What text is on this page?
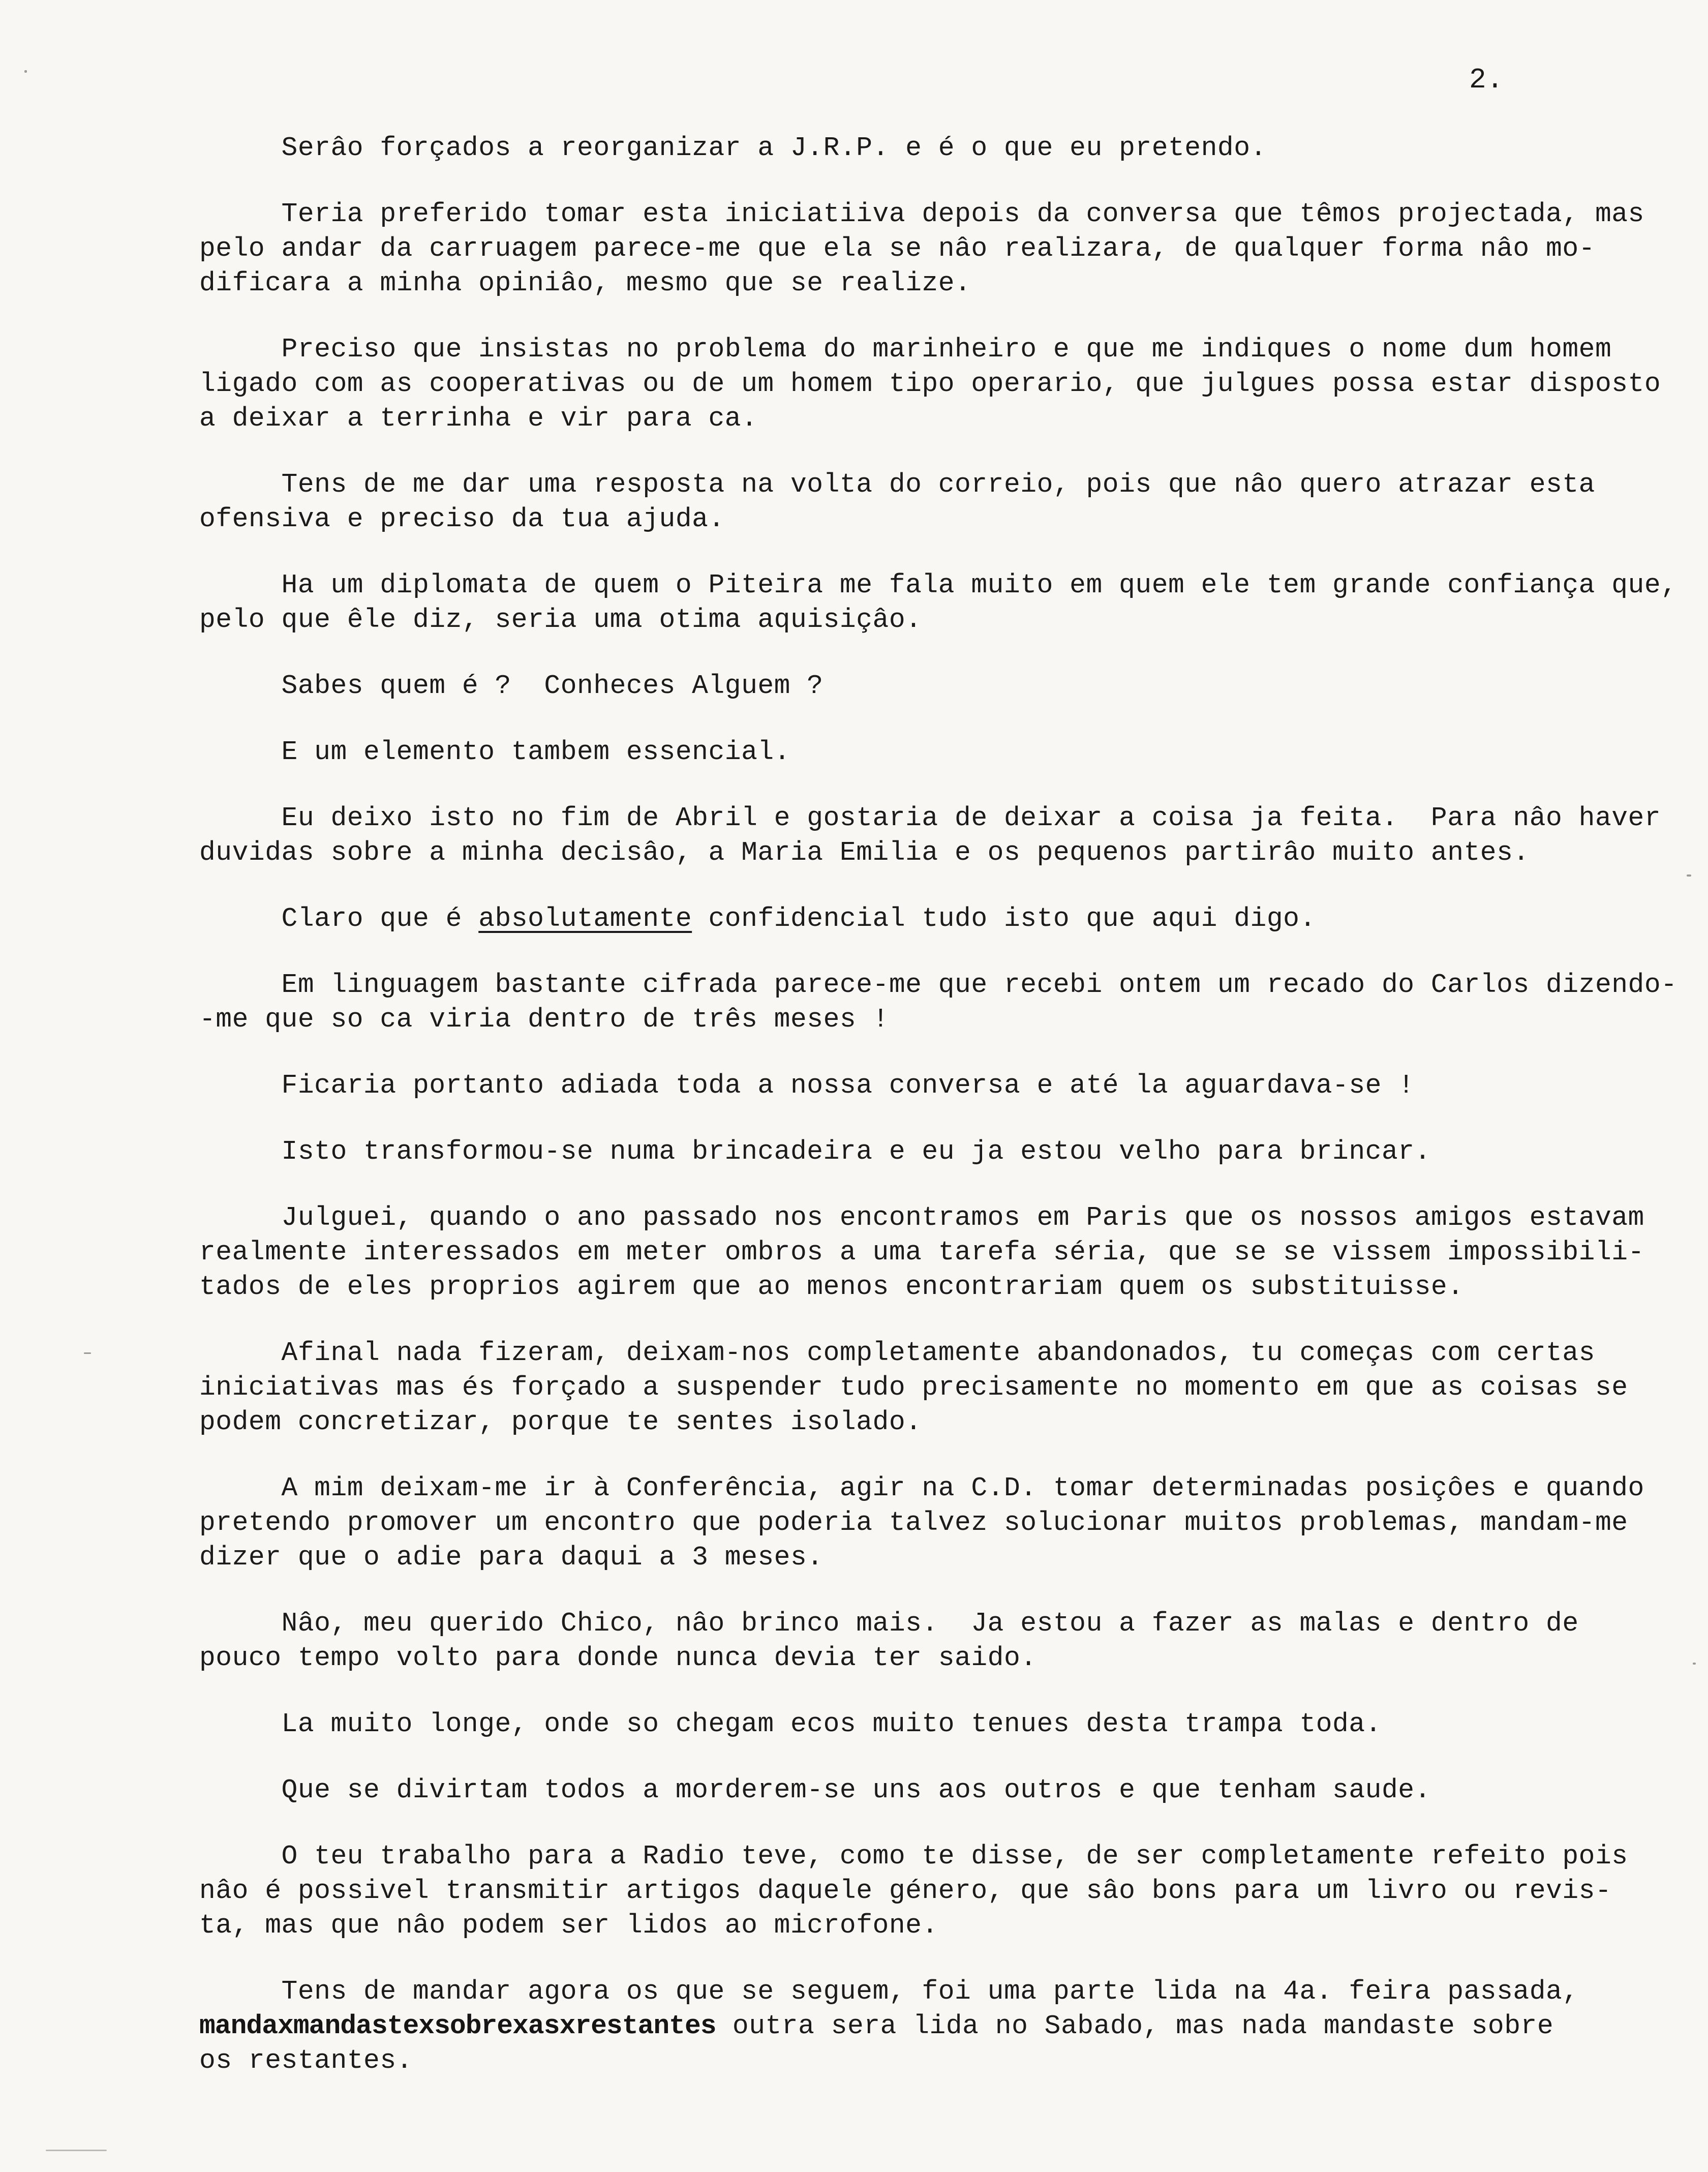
2.
Serâo forçados a reorganizar a J.R.P. e é o que eu pretendo.
Teria preferido tomar esta iniciatiiva depois da conversa que têmos projectada, mas
pelo andar da carruagem parece-me que ela se nâo realizara, de qualquer forma nâo mo-
dificara a minha opiniâo, mesmo que se realize.
Preciso que insistas no problema do marinheiro e que me indiques o nome dum homem
ligado com as cooperativas ou de um homem tipo operario, que julgues possa estar disposto
a deixar a terrinha e vir para ca.
Tens de me dar uma resposta na volta do correio, pois que nâo quero atrazar esta
ofensiva e preciso da tua ajuda.
Ha um diplomata de quem o Piteira me fala muito em quem ele tem grande confiança que,
pelo que êle diz, seria uma otima aquisiçâo.
Sabes quem é ?  Conheces Alguem ?
E um elemento tambem essencial.
Eu deixo isto no fim de Abril e gostaria de deixar a coisa ja feita.  Para nâo haver
duvidas sobre a minha decisâo, a Maria Emilia e os pequenos partirâo muito antes.
Claro que é absolutamente confidencial tudo isto que aqui digo.
Em linguagem bastante cifrada parece-me que recebi ontem um recado do Carlos dizendo-
-me que so ca viria dentro de três meses !
Ficaria portanto adiada toda a nossa conversa e até la aguardava-se !
Isto transformou-se numa brincadeira e eu ja estou velho para brincar.
Julguei, quando o ano passado nos encontramos em Paris que os nossos amigos estavam
realmente interessados em meter ombros a uma tarefa séria, que se se vissem impossibili-
tados de eles proprios agirem que ao menos encontrariam quem os substituisse.
Afinal nada fizeram, deixam-nos completamente abandonados, tu começas com certas
iniciativas mas és forçado a suspender tudo precisamente no momento em que as coisas se
podem concretizar, porque te sentes isolado.
A mim deixam-me ir à Conferência, agir na C.D. tomar determinadas posiçôes e quando
pretendo promover um encontro que poderia talvez solucionar muitos problemas, mandam-me
dizer que o adie para daqui a 3 meses.
Nâo, meu querido Chico, nâo brinco mais.  Ja estou a fazer as malas e dentro de
pouco tempo volto para donde nunca devia ter saido.
La muito longe, onde so chegam ecos muito tenues desta trampa toda.
Que se divirtam todos a morderem-se uns aos outros e que tenham saude.
O teu trabalho para a Radio teve, como te disse, de ser completamente refeito pois
nâo é possivel transmitir artigos daquele género, que sâo bons para um livro ou revis-
ta, mas que nâo podem ser lidos ao microfone.
Tens de mandar agora os que se seguem, foi uma parte lida na 4a. feira passada,
mandaxmandastexsobrexasxrestantes outra sera lida no Sabado, mas nada mandaste sobre
os restantes.
